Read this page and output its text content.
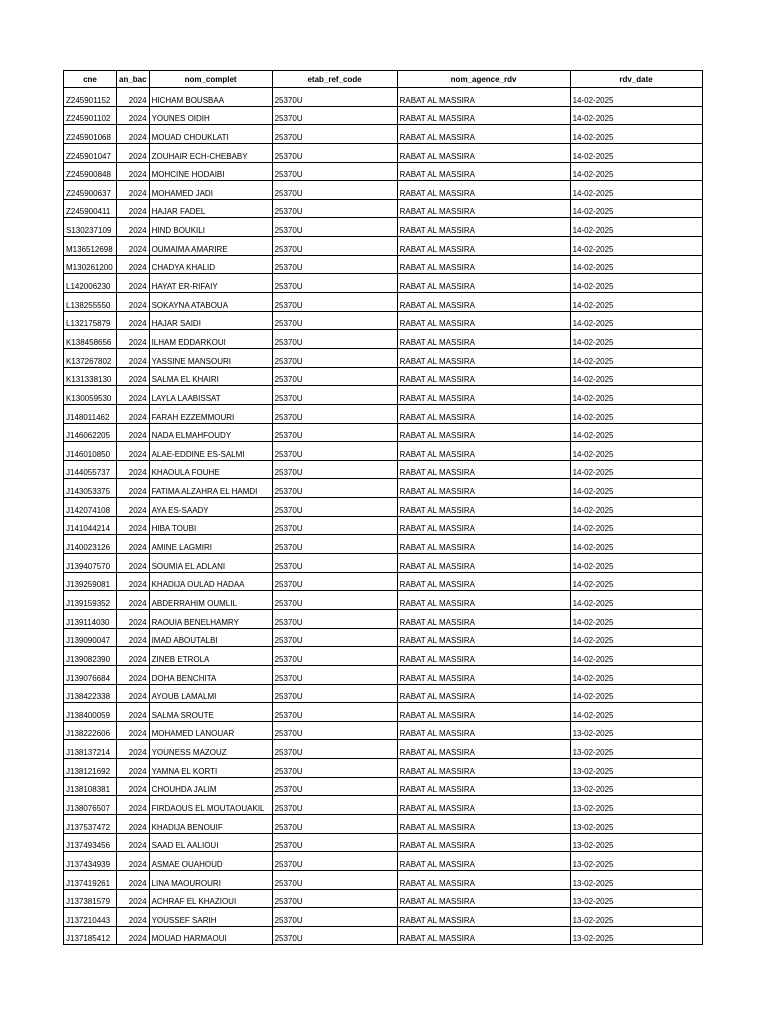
cne	an_bac	nom_complet	etab_ref_code	nom_agence_rdv	rdv_date
Z245901152	2024	HICHAM BOUSBAA	25370U	RABAT AL MASSIRA	14-02-2025
Z245901102	2024	YOUNES OIDIH	25370U	RABAT AL MASSIRA	14-02-2025
Z245901068	2024	MOUAD CHOUKLATI	25370U	RABAT AL MASSIRA	14-02-2025
Z245901047	2024	ZOUHAIR ECH-CHEBABY	25370U	RABAT AL MASSIRA	14-02-2025
Z245900848	2024	MOHCINE HODAIBI	25370U	RABAT AL MASSIRA	14-02-2025
Z245900637	2024	MOHAMED JADI	25370U	RABAT AL MASSIRA	14-02-2025
Z245900411	2024	HAJAR FADEL	25370U	RABAT AL MASSIRA	14-02-2025
S130237109	2024	HIND BOUKILI	25370U	RABAT AL MASSIRA	14-02-2025
M136512698	2024	OUMAIMA AMARIRE	25370U	RABAT AL MASSIRA	14-02-2025
M130261200	2024	CHADYA KHALID	25370U	RABAT AL MASSIRA	14-02-2025
L142006230	2024	HAYAT ER-RIFAIY	25370U	RABAT AL MASSIRA	14-02-2025
L138255550	2024	SOKAYNA ATABOUA	25370U	RABAT AL MASSIRA	14-02-2025
L132175879	2024	HAJAR SAIDI	25370U	RABAT AL MASSIRA	14-02-2025
K138458656	2024	ILHAM EDDARKOUI	25370U	RABAT AL MASSIRA	14-02-2025
K137267802	2024	YASSINE MANSOURI	25370U	RABAT AL MASSIRA	14-02-2025
K131338130	2024	SALMA EL KHAIRI	25370U	RABAT AL MASSIRA	14-02-2025
K130059530	2024	LAYLA LAABISSAT	25370U	RABAT AL MASSIRA	14-02-2025
J148011462	2024	FARAH EZZEMMOURI	25370U	RABAT AL MASSIRA	14-02-2025
J146062205	2024	NADA ELMAHFOUDY	25370U	RABAT AL MASSIRA	14-02-2025
J146010850	2024	ALAE-EDDINE ES-SALMI	25370U	RABAT AL MASSIRA	14-02-2025
J144055737	2024	KHAOULA FOUHE	25370U	RABAT AL MASSIRA	14-02-2025
J143053375	2024	FATIMA ALZAHRA EL HAMDI	25370U	RABAT AL MASSIRA	14-02-2025
J142074108	2024	AYA ES-SAADY	25370U	RABAT AL MASSIRA	14-02-2025
J141044214	2024	HIBA TOUBI	25370U	RABAT AL MASSIRA	14-02-2025
J140023126	2024	AMINE LAGMIRI	25370U	RABAT AL MASSIRA	14-02-2025
J139407570	2024	SOUMIA EL ADLANI	25370U	RABAT AL MASSIRA	14-02-2025
J139259081	2024	KHADIJA OULAD HADAA	25370U	RABAT AL MASSIRA	14-02-2025
J139159352	2024	ABDERRAHIM OUMLIL	25370U	RABAT AL MASSIRA	14-02-2025
J139114030	2024	RAOUIA BENELHAMRY	25370U	RABAT AL MASSIRA	14-02-2025
J139090047	2024	IMAD ABOUTALBI	25370U	RABAT AL MASSIRA	14-02-2025
J139082390	2024	ZINEB ETROLA	25370U	RABAT AL MASSIRA	14-02-2025
J139076684	2024	DOHA BENCHITA	25370U	RABAT AL MASSIRA	14-02-2025
J138422338	2024	AYOUB LAMALMI	25370U	RABAT AL MASSIRA	14-02-2025
J138400059	2024	SALMA SROUTE	25370U	RABAT AL MASSIRA	14-02-2025
J138222606	2024	MOHAMED LANOUAR	25370U	RABAT AL MASSIRA	13-02-2025
J138137214	2024	YOUNESS MAZOUZ	25370U	RABAT AL MASSIRA	13-02-2025
J138121692	2024	YAMNA EL KORTI	25370U	RABAT AL MASSIRA	13-02-2025
J138108381	2024	CHOUHDA JALIM	25370U	RABAT AL MASSIRA	13-02-2025
J138076507	2024	FIRDAOUS EL MOUTAOUAKIL	25370U	RABAT AL MASSIRA	13-02-2025
J137537472	2024	KHADIJA BENOUIF	25370U	RABAT AL MASSIRA	13-02-2025
J137493456	2024	SAAD EL AALIOUI	25370U	RABAT AL MASSIRA	13-02-2025
J137434939	2024	ASMAE OUAHOUD	25370U	RABAT AL MASSIRA	13-02-2025
J137419261	2024	LINA MAOUROURI	25370U	RABAT AL MASSIRA	13-02-2025
J137381579	2024	ACHRAF EL KHAZIOUI	25370U	RABAT AL MASSIRA	13-02-2025
J137210443	2024	YOUSSEF SARIH	25370U	RABAT AL MASSIRA	13-02-2025
J137185412	2024	MOUAD HARMAOUI	25370U	RABAT AL MASSIRA	13-02-2025
